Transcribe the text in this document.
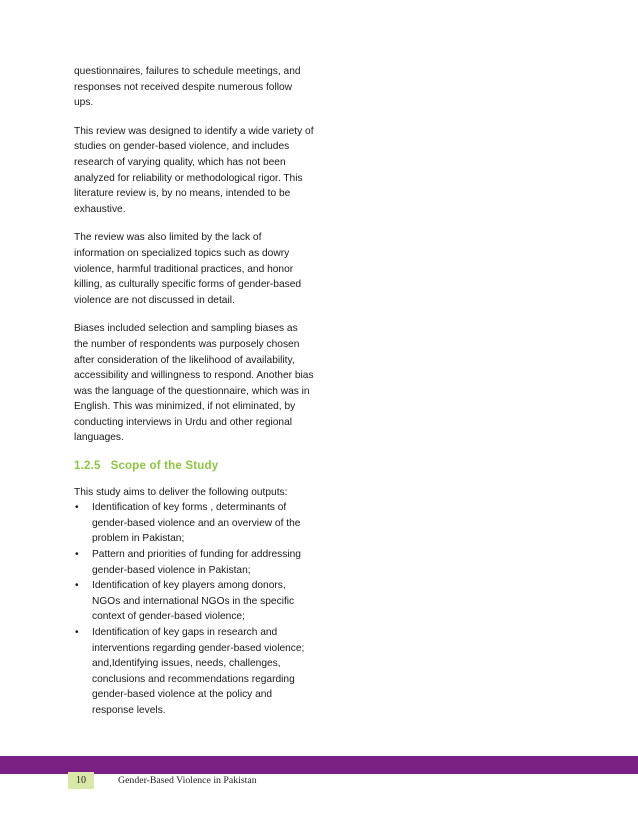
questionnaires, failures to schedule meetings, and responses not received despite numerous follow ups.

This review was designed to identify a wide variety of studies on gender-based violence, and includes research of varying quality, which has not been analyzed for reliability or methodological rigor. This literature review is, by no means, intended to be exhaustive.

The review was also limited by the lack of information on specialized topics such as dowry violence, harmful traditional practices, and honor killing, as culturally specific forms of gender-based violence are not discussed in detail.

Biases included selection and sampling biases as the number of respondents was purposely chosen after consideration of the likelihood of availability, accessibility and willingness to respond. Another bias was the language of the questionnaire, which was in English. This was minimized, if not eliminated, by conducting interviews in Urdu and other regional languages.

1.2.5 Scope of the Study
This study aims to deliver the following outputs:
• Identification of key forms , determinants of gender-based violence and an overview of the problem in Pakistan;
• Pattern and priorities of funding for addressing gender-based violence in Pakistan;
• Identification of key players among donors, NGOs and international NGOs in the specific context of gender-based violence;
• Identification of key gaps in research and interventions regarding gender-based violence; and,Identifying issues, needs, challenges, conclusions and recommendations regarding gender-based violence at the policy and response levels.
10	Gender-Based Violence in Pakistan
